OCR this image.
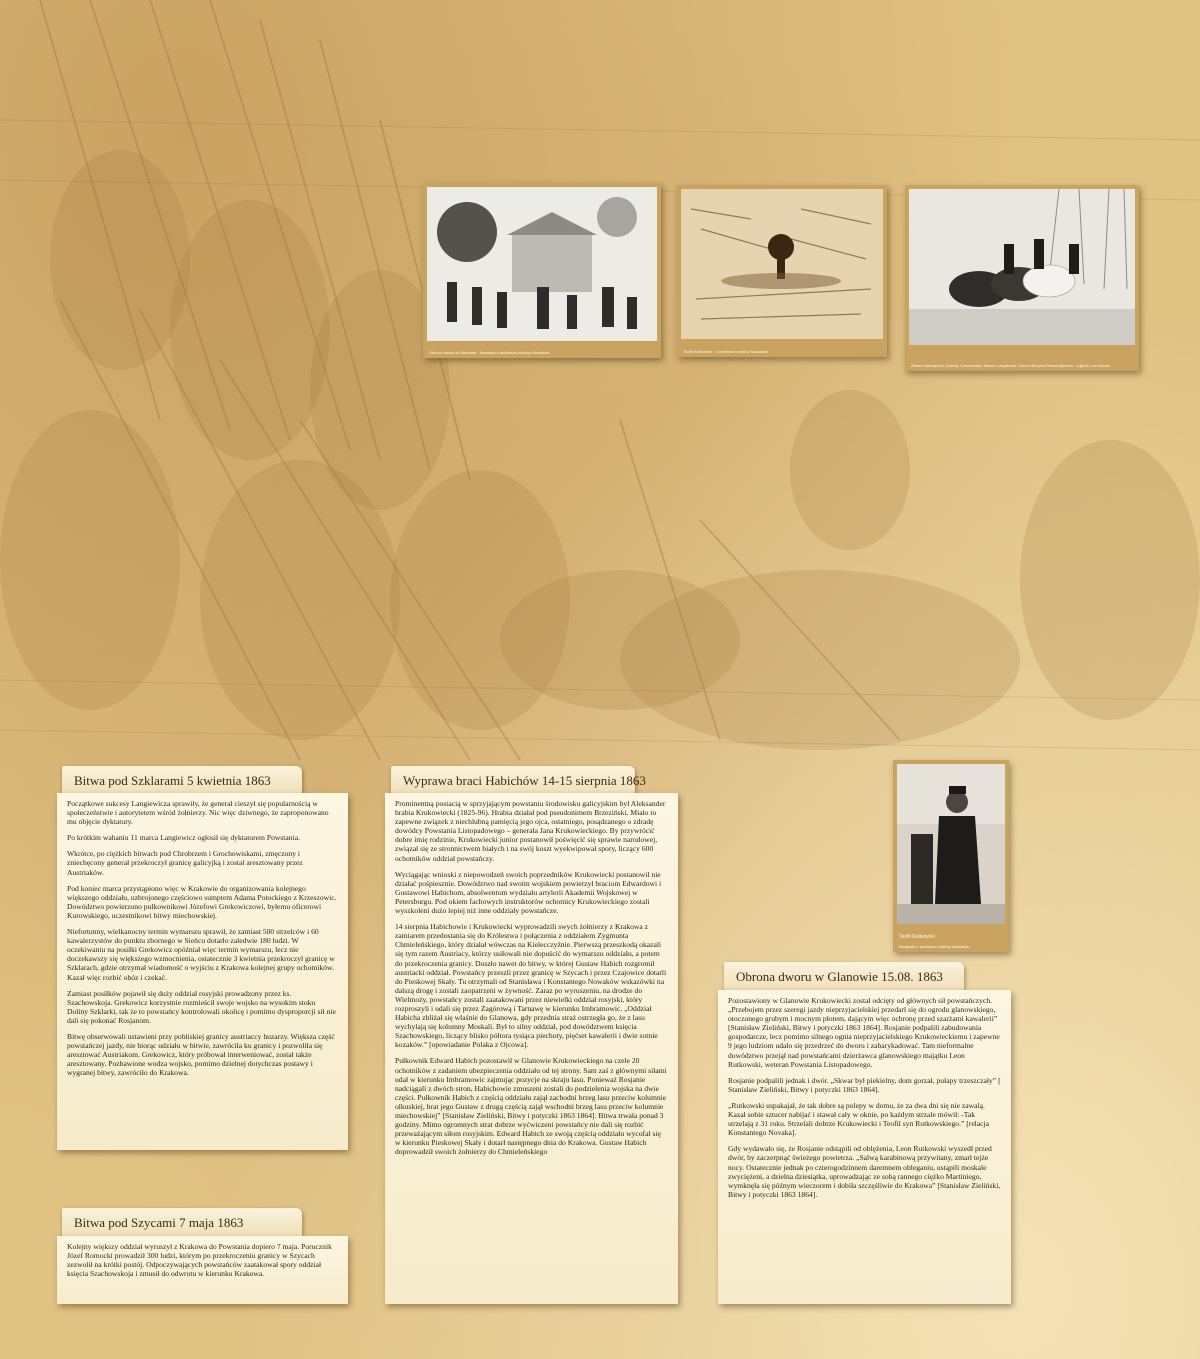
Obrona dworu w Glanowie · ilustracja z archiwum rodziny Nowaków	Teofil Rutkowski · z archiwum rodziny Nowaków
Antoni Jastrzębski, Dionizy Czachowski, Marian Langiewicz i Anna Henryka Pustowójtówna · zdjęcie z archiwum
Teofil Rutkowski
fotografia z archiwum rodziny Nowaków
Bitwa pod Szklarami 5 kwietnia 1863

Początkowe sukcesy Langiewicza sprawiły, że generał cieszył się popularnością w społeczeństwie i autorytetem wśród żołnierzy. Nic więc dziwnego, że zaproponowano mu objęcie dyktatury.

Po krótkim wahaniu 11 marca Langiewicz ogłosił się dyktatorem Powstania.

Wkrótce, po ciężkich bitwach pod Chrobrzem i Grochowiskami, zmęczony i zniechęcony generał przekroczył granicę galicyjką i został aresztowany przez Austriaków.

Pod koniec marca przystąpiono więc w Krakowie do organizowania kolejnego większego oddziału, uzbrojonego częściowo sumptem Adama Potockiego z Krzeszowic. Dowództwo powierzono pułkownikowi Józefowi Grekowiczowi, byłemu oficerowi Kurowskiego, uczestnikowi bitwy miechowskiej.

Niefortunny, wielkanocny termin wymarszu sprawił, że zamiast 500 strzelców i 60 kawalerzystów do punktu zbornego w Sieńcu dotarło zaledwie 180 ludzi. W oczekiwaniu na posiłki Grekowicz opóźniał więc termin wymarszu, lecz nie doczekawszy się większego wzmocnienia, ostatecznie 3 kwietnia przekroczył granicę w Szklarach, gdzie otrzymał wiadomość o wyjściu z Krakowa kolejnej grupy ochotników. Kazał więc rozbić obóz i czekać.

Zamiast posiłków pojawił się duży oddział rosyjski prowadzony przez ks. Szachowskoja. Grekowicz korzystnie rozmieścił swoje wojsko na wysokim stoku Doliny Szklarki, tak że to powstańcy kontrolowali okolicę i pomimo dysproporcji sił nie dali się pokonać Rosjanom.

Bitwę obserwowali ustawieni przy pobliskiej granicy austriaccy huzarzy. Większa część powstańczej jazdy, nie biorąc udziału w bitwie, zawróciła ku granicy i pozwoliła się aresztować Austriakom. Grekowicz, który próbował interweniować, został także aresztowany. Pozbawione wodza wojsko, pomimo dzielnej dotychczas postawy i wygranej bitwy, zawróciło do Krakowa.

Bitwa pod Szycami 7 maja 1863

Kolejny większy oddział wyruszył z Krakowa do Powstania dopiero 7 maja. Porucznik Józef Romocki prowadził 300 ludzi, którym po przekroczeniu granicy w Szycach zezwolił na krótki postój. Odpoczywających powstańców zaatakował spory oddział księcia Szachowskoja i zmusił do odwrotu w kierunku Krakowa.

Wyprawa braci Habichów 14-15 sierpnia 1863

Prominentną postacią w sprzyjającym powstaniu środowisku galicyjskim był Aleksander hrabia Krukowiecki (1825-96). Hrabia działał pod pseudonimem Brzeziński. Miało to zapewne związek z niechlubną pamięcią jego ojca, ostatniego, posądzanego o zdradę dowódcy Powstania Listopadowego – generała Jana Krukowieckiego. By przywrócić dobre imię rodzinie, Krukowiecki junior postanowił poświęcić się sprawie narodowej, związał się ze stronnictwem białych i na swój koszt wyekwipował spory, liczący 600 ochotników oddział powstańczy.

Wyciągając wnioski z niepowodzeń swoich poprzedników Krukowiecki postanowił nie działać pośpiesznie. Dowództwo nad swoim wojskiem powierzył braciom Edwardowi i Gustawowi Habichom, absolwentom wydziału artylerii Akademii Wojskowej w Petersburgu. Pod okiem fachowych instruktorów ochotnicy Krukowieckiego zostali wyszkoleni dużo lepiej niż inne oddziały powstańcze.

14 sierpnia Habichowie i Krukowiecki wyprowadzili swych żołnierzy z Krakowa z zamiarem przedostania się do Królestwa i połączenia z oddziałem Zygmunta Chmieleńskiego, który działał wówczas na Kielecczyźnie. Pierwszą przeszkodą okazali się tym razem Austriacy, którzy usiłowali nie dopuścić do wymarszu oddziału, a potem do przekroczenia granicy. Doszło nawet do bitwy, w której Gustaw Habich rozgromił austriacki oddział. Powstańcy przeszli przez granicę w Szycach i przez Czajowice dotarli do Pieskowej Skały. Tu otrzymali od Stanisława i Konstantego Nowaków wskazówki na dalszą drogę i zostali zaopatrzeni w żywność. Zaraz po wyruszeniu, na drodze do Wielmoży, powstańcy zostali zaatakowani przez niewielki oddział rosyjski, który rozproszyli i udali się przez Zagórową i Tarnawę w kierunku Imbramowic. „Oddział Habicha zbliżał się właśnie do Glanowa, gdy przednia straż ostrzegła go, że z lasu wychylają się kolumny Moskali. Był to silny oddział, pod dowództwem księcia Szachowskiego, liczący blisko półtora tysiąca piechoty, pięćset kawalerii i dwie sotnie kozaków.” [opowiadanie Polaka z Ojcowa].

Pułkownik Edward Habich pozostawił w Glanowie Krukowieckiego na czele 20 ochotników z zadaniem ubezpieczenia oddziału od tej strony. Sam zaś z głównymi siłami udał w kierunku Imbramowic zajmując pozycje na skraju lasu. Ponieważ Rosjanie nadciągali z dwóch stron, Habichowie zmuszeni zostali do podzielenia wojska na dwie części. Pułkownik Habich z częścią oddziału zajął zachodni brzeg lasu przeciw kolumnie olkuskiej, brat jego Gustaw z drugą częścią zajął wschodni brzeg lasu przeciw kolumnie miechowskiej” [Stanisław Zieliński, Bitwy i potyczki 1863 1864]. Bitwa trwała ponad 3 godziny. Mimo ogromnych strat dobrze wyćwiczeni powstańcy nie dali się rozbić przeważającym siłom rosyjskim. Edward Habich ze swoją częścią oddziału wycofał się w kierunku Pieskowej Skały i dotarł następnego dnia do Krakowa. Gustaw Habich doprowadził swoich żołnierzy do Chmieleńskiego

Obrona dworu w Glanowie 15.08. 1863

Pozostawiony w Glanowie Krukowiecki został odcięty od głównych sił powstańczych. „Przebojem przez szeregi jazdy nieprzyjacielskiej przedarł się do ogrodu glanowskiego, otoczonego grubym i mocnym płotem, dającym więc ochronę przed szarżami kawalerii” [Stanisław Zieliński, Bitwy i potyczki 1863 1864]. Rosjanie podpalili zabudowania gospodarcze, lecz pomimo silnego ognia nieprzyjacielskiego Krukowieckiemu i zapewne 9 jego ludziom udało się przedrzeć do dworu i zabarykadować. Tam nieformalne dowództwo przejął nad powstańcami dzierżawca glanowskiego majątku Leon Rutkowski, weteran Powstania Listopadowego.

Rosjanie podpalili jednak i dwór. „Skwar był piekielny, dom gorzał, pułapy trzeszczały” [ Stanisław Zieliński, Bitwy i potyczki 1863 1864].

„Rutkowski uspakajał, że tak dobre są polepy w domu, że za dwa dni się nie zawalą. Kazał sobie sztucer nabijać i stawał cały w oknie, po każdym strzale mówił: -Tak strzelają z 31 roku. Strzelali dobrze Krukowiecki i Teofil syn Rutkowskiego.” [relacja Konstantego Novaka].

Gdy wydawało się, że Rosjanie odstąpili od oblężenia, Leon Rutkowski wyszedł przed dwór, by zaczerpnąć świeżego powietrza. „Salwą karabinową przywitany, zmarł tejże nocy. Ostatecznie jednak po czterogodzinnem daremnem obleganiu, ustąpili moskale zwyciężeni, a dzielna dziesiątka, uprowadzając ze sobą rannego ciężko Martiniego, wymknęła się późnym wieczorem i dobiła szczęśliwie do Krakowa” [Stanisław Zieliński, Bitwy i potyczki 1863 1864].
